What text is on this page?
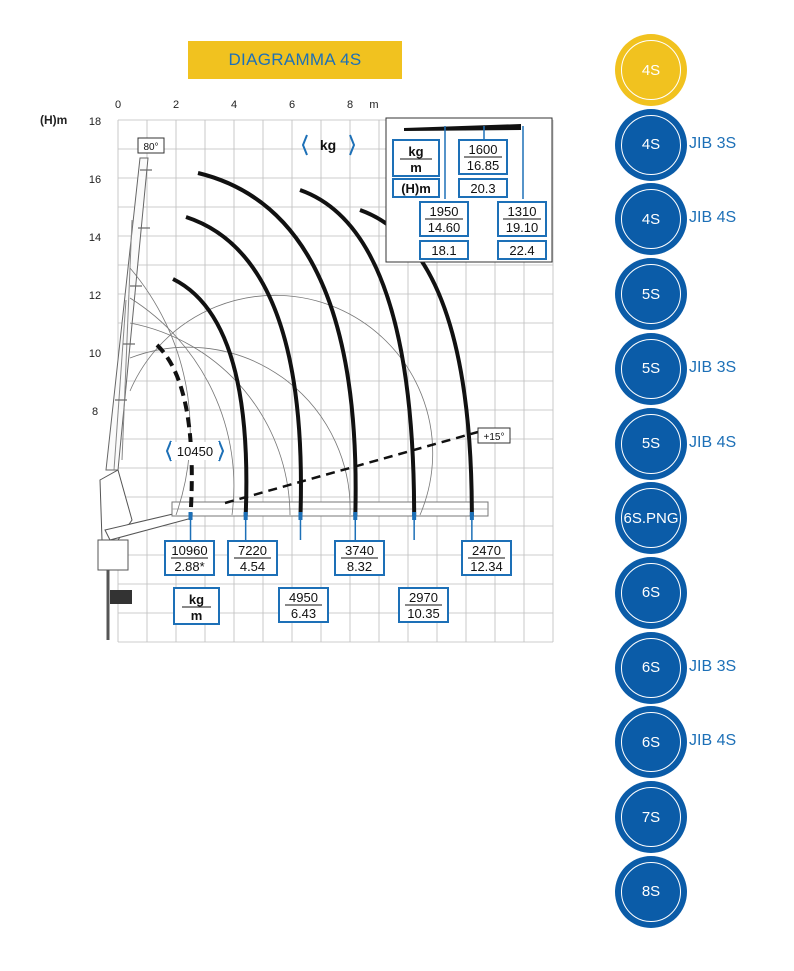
DIAGRAMMA 4S
0	2	4	6	8 m
18
16
14
12
10
8
(H)m
+15°
80°
10960
2.88*
7220
4.54
4950
6.43
3740
8.32
2970
10.35
2470
12.34
kg
m
10450
kg	kg
m
(H)m
1600
16.85
20.3
1950
14.60
18.1
1310
19.10
22.4
4S
4S	JIB 3S
4S	JIB 4S
5S
5S	JIB 3S
5S	JIB 4S
6S.PNG
6S
6S	JIB 3S
6S	JIB 4S
7S
8S
